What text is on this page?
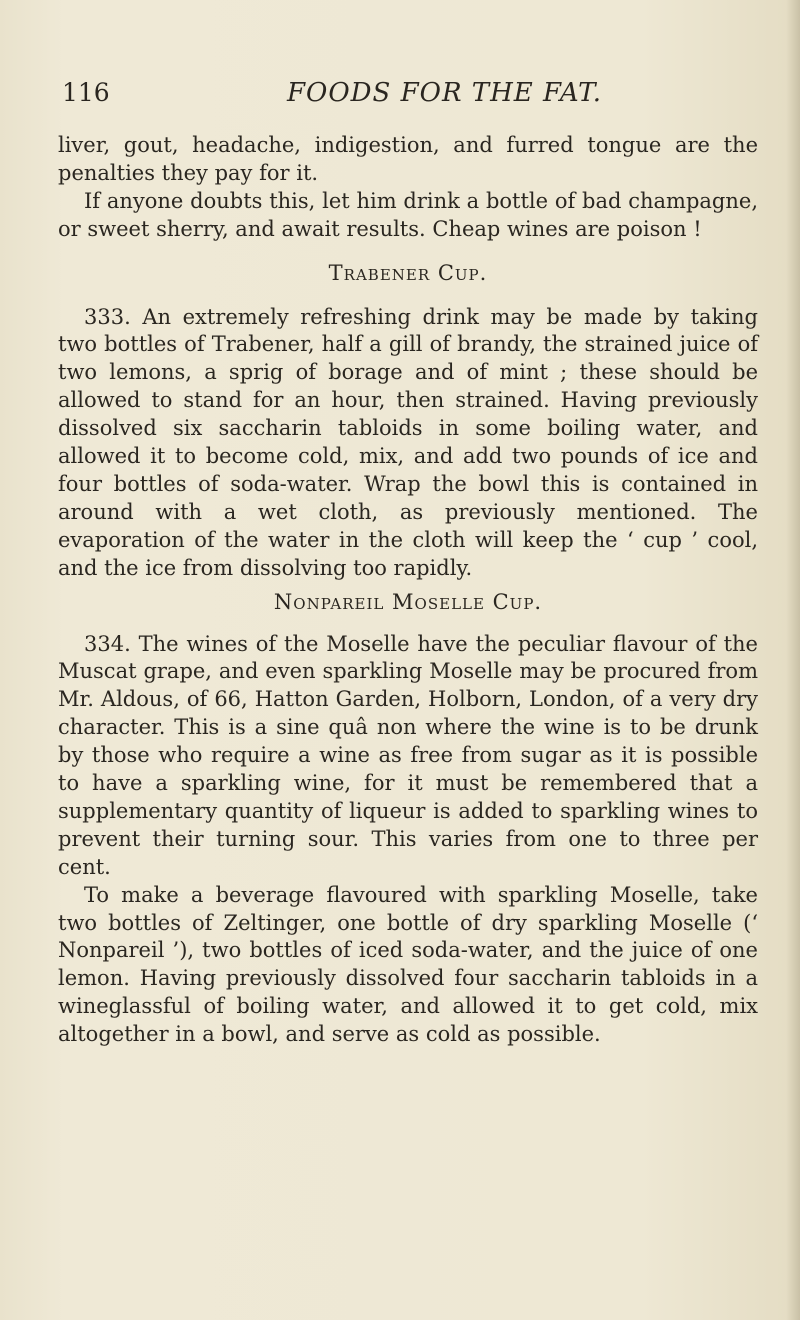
116	FOODS FOR THE FAT.

liver, gout, headache, indigestion, and furred tongue are the penalties they pay for it.

If anyone doubts this, let him drink a bottle of bad champagne, or sweet sherry, and await results. Cheap wines are poison !

Trabener Cup.

333. An extremely refreshing drink may be made by taking two bottles of Trabener, half a gill of brandy, the strained juice of two lemons, a sprig of borage and of mint ; these should be allowed to stand for an hour, then strained. Having previously dissolved six saccharin tabloids in some boiling water, and allowed it to become cold, mix, and add two pounds of ice and four bottles of soda-water. Wrap the bowl this is contained in around with a wet cloth, as previously mentioned. The evaporation of the water in the cloth will keep the ‘ cup ’ cool, and the ice from dissolving too rapidly.

Nonpareil Moselle Cup.

334. The wines of the Moselle have the peculiar flavour of the Muscat grape, and even sparkling Moselle may be procured from Mr. Aldous, of 66, Hatton Garden, Holborn, London, of a very dry character. This is a sine quâ non where the wine is to be drunk by those who require a wine as free from sugar as it is possible to have a sparkling wine, for it must be remembered that a supplementary quantity of liqueur is added to sparkling wines to prevent their turning sour. This varies from one to three per cent.

To make a beverage flavoured with sparkling Moselle, take two bottles of Zeltinger, one bottle of dry sparkling Moselle (‘ Nonpareil ’), two bottles of iced soda-water, and the juice of one lemon. Having previously dissolved four saccharin tabloids in a wineglassful of boiling water, and allowed it to get cold, mix altogether in a bowl, and serve as cold as possible.
